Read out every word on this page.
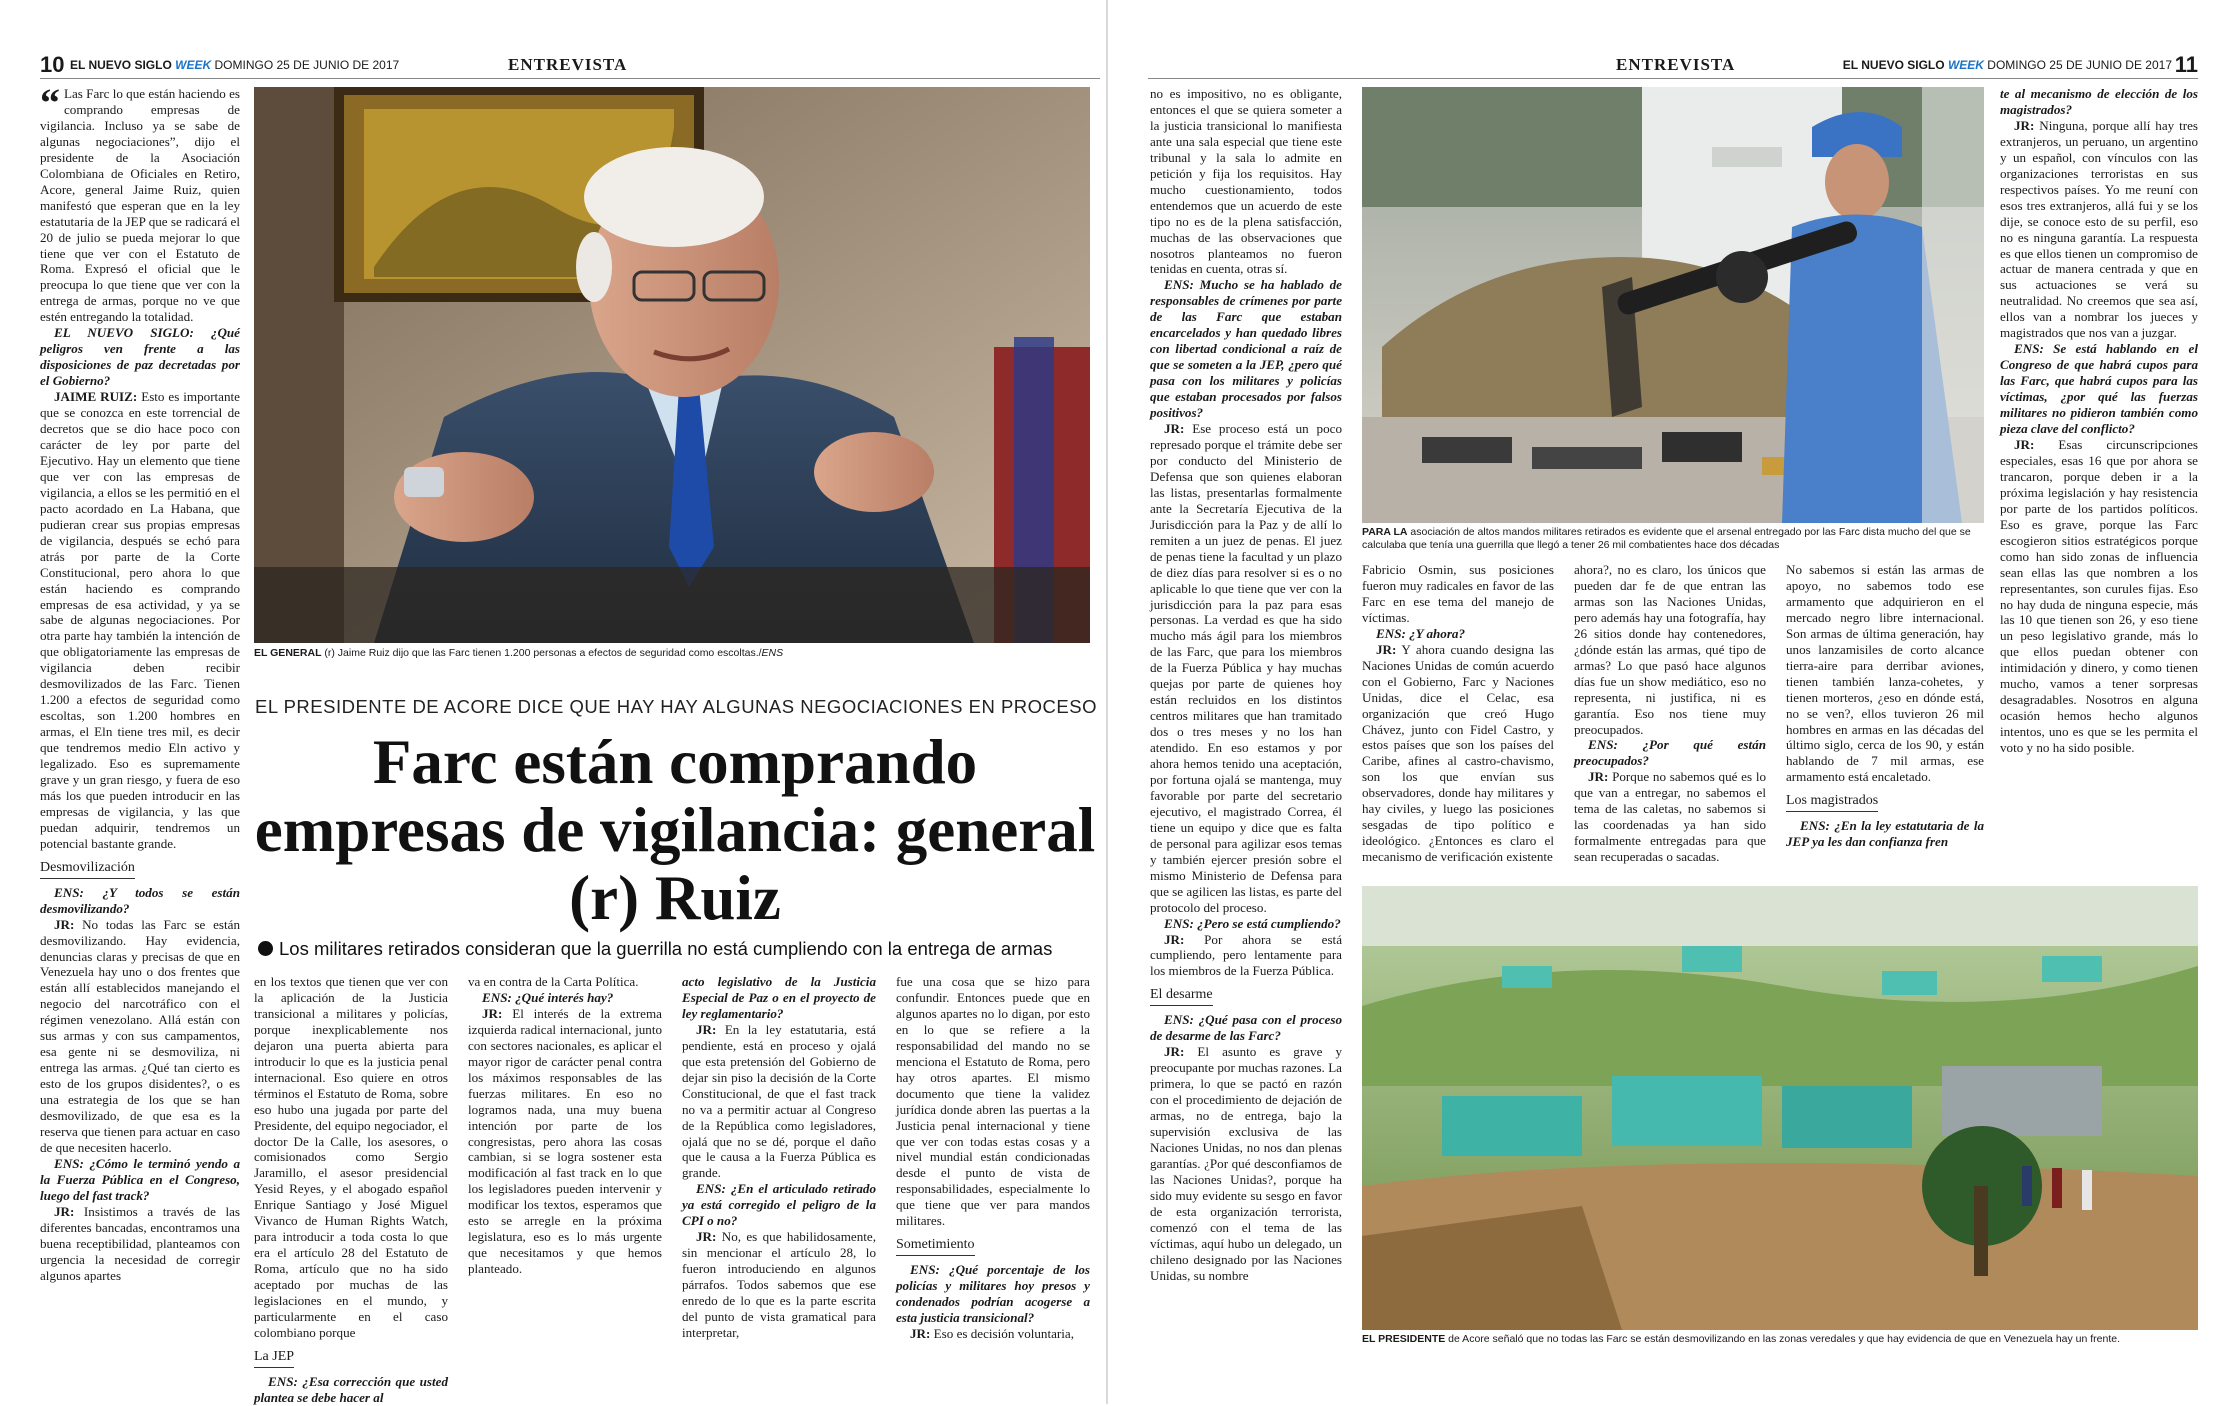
10 EL NUEVO SIGLO WEEK DOMINGO 25 DE JUNIO DE 2017	ENTREVISTA

“ Las Farc lo que están haciendo es comprando empresas de vigilancia. Incluso ya se sabe de algunas negociaciones”, dijo el presidente de la Asociación Colombiana de Oficiales en Retiro, Acore, general Jaime Ruiz, quien manifestó que esperan que en la ley estatutaria de la JEP que se radicará el 20 de julio se pueda mejorar lo que tiene que ver con el Estatuto de Roma. Expresó el oficial que le preocupa lo que tiene que ver con la entrega de armas, porque no ve que estén entregando la totalidad.

EL NUEVO SIGLO: ¿Qué peligros ven frente a las disposiciones de paz decretadas por el Gobierno?

JAIME RUIZ: Esto es importante que se conozca en este torrencial de decretos que se dio hace poco con carácter de ley por parte del Ejecutivo. Hay un elemento que tiene que ver con las empresas de vigilancia, a ellos se les permitió en el pacto acordado en La Habana, que pudieran crear sus propias empresas de vigilancia, después se echó para atrás por parte de la Corte Constitucional, pero ahora lo que están haciendo es comprando empresas de esa actividad, y ya se sabe de algunas negociaciones. Por otra parte hay también la intención de que obligatoriamente las empresas de vigilancia deben recibir desmovilizados de las Farc. Tienen 1.200 a efectos de seguridad como escoltas, son 1.200 hombres en armas, el Eln tiene tres mil, es decir que tendremos medio Eln activo y legalizado. Eso es supremamente grave y un gran riesgo, y fuera de eso más los que pueden introducir en las empresas de vigilancia, y las que puedan adquirir, tendremos un potencial bastante grande.

Desmovilización

ENS: ¿Y todos se están desmovilizando?

JR: No todas las Farc se están desmovilizando. Hay evidencia, denuncias claras y precisas de que en Venezuela hay uno o dos frentes que están allí establecidos manejando el negocio del narcotráfico con el régimen venezolano. Allá están con sus armas y con sus campamentos, esa gente ni se desmoviliza, ni entrega las armas. ¿Qué tan cierto es esto de los grupos disidentes?, o es una estrategia de los que se han desmovilizado, de que esa es la reserva que tienen para actuar en caso de que necesiten hacerlo.

ENS: ¿Cómo le terminó yendo a la Fuerza Pública en el Congreso, luego del fast track?

JR: Insistimos a través de las diferentes bancadas, encontramos una buena receptibilidad, planteamos con urgencia la necesidad de corregir algunos apartes

EL GENERAL (r) Jaime Ruiz dijo que las Farc tienen 1.200 personas a efectos de seguridad como escoltas./ENS
EL PRESIDENTE DE ACORE DICE QUE HAY HAY ALGUNAS NEGOCIACIONES EN PROCESO
Farc están comprando empresas de vigilancia: general (r) Ruiz
Los militares retirados consideran que la guerrilla no está cumpliendo con la entrega de armas

en los textos que tienen que ver con la aplicación de la Justicia transicional a militares y policías, porque inexplicablemente nos dejaron una puerta abierta para introducir lo que es la justicia penal internacional. Eso quiere en otros términos el Estatuto de Roma, sobre eso hubo una jugada por parte del Presidente, del equipo negociador, el doctor De la Calle, los asesores, o comisionados como Sergio Jaramillo, el asesor presidencial Yesid Reyes, y el abogado español Enrique Santiago y José Miguel Vivanco de Human Rights Watch, para introducir a toda costa lo que era el artículo 28 del Estatuto de Roma, artículo que no ha sido aceptado por muchas de las legislaciones en el mundo, y particularmente en el caso colombiano porque

La JEP

ENS: ¿Esa corrección que usted plantea se debe hacer al

va en contra de la Carta Política.

ENS: ¿Qué interés hay?

JR: El interés de la extrema izquierda radical internacional, junto con sectores nacionales, es aplicar el mayor rigor de carácter penal contra los máximos responsables de las fuerzas militares. En eso no logramos nada, una muy buena intención por parte de los congresistas, pero ahora las cosas cambian, si se logra sostener esta modificación al fast track en lo que los legisladores pueden intervenir y modificar los textos, esperamos que esto se arregle en la próxima legislatura, eso es lo más urgente que necesitamos y que hemos planteado.

acto legislativo de la Justicia Especial de Paz o en el proyecto de ley reglamentario?

JR: En la ley estatutaria, está pendiente, está en proceso y ojalá que esta pretensión del Gobierno de dejar sin piso la decisión de la Corte Constitucional, de que el fast track no va a permitir actuar al Congreso de la República como legisladores, ojalá que no se dé, porque el daño que le causa a la Fuerza Pública es grande.

ENS: ¿En el articulado retirado ya está corregido el peligro de la CPI o no?

JR: No, es que habilidosamente, sin mencionar el artículo 28, lo fueron introduciendo en algunos párrafos. Todos sabemos que ese enredo de lo que es la parte escrita del punto de vista gramatical para interpretar,

fue una cosa que se hizo para confundir. Entonces puede que en algunos apartes no lo digan, por esto en lo que se refiere a la responsabilidad del mando no se menciona el Estatuto de Roma, pero hay otros apartes. El mismo documento que tiene la validez jurídica donde abren las puertas a la Justicia penal internacional y tiene que ver con todas estas cosas y a nivel mundial están condicionadas desde el punto de vista de responsabilidades, especialmente lo que tiene que ver para mandos militares.

Sometimiento

ENS: ¿Qué porcentaje de los policías y militares hoy presos y condenados podrían acogerse a esta justicia transicional?

JR: Eso es decisión voluntaria,

ENTREVISTA	EL NUEVO SIGLO WEEK DOMINGO 25 DE JUNIO DE 2017 11

no es impositivo, no es obligante, entonces el que se quiera someter a la justicia transicional lo manifiesta ante una sala especial que tiene este tribunal y la sala lo admite en petición y fija los requisitos. Hay mucho cuestionamiento, todos entendemos que un acuerdo de este tipo no es de la plena satisfacción, muchas de las observaciones que nosotros planteamos no fueron tenidas en cuenta, otras sí.

ENS: Mucho se ha hablado de responsables de crímenes por parte de las Farc que estaban encarcelados y han quedado libres con libertad condicional a raíz de que se someten a la JEP, ¿pero qué pasa con los militares y policías que estaban procesados por falsos positivos?

JR: Ese proceso está un poco represado porque el trámite debe ser por conducto del Ministerio de Defensa que son quienes elaboran las listas, presentarlas formalmente ante la Secretaría Ejecutiva de la Jurisdicción para la Paz y de allí lo remiten a un juez de penas. El juez de penas tiene la facultad y un plazo de diez días para resolver si es o no aplicable lo que tiene que ver con la jurisdicción para la paz para esas personas. La verdad es que ha sido mucho más ágil para los miembros de las Farc, que para los miembros de la Fuerza Pública y hay muchas quejas por parte de quienes hoy están recluidos en los distintos centros militares que han tramitado dos o tres meses y no los han atendido. En eso estamos y por ahora hemos tenido una aceptación, por fortuna ojalá se mantenga, muy favorable por parte del secretario ejecutivo, el magistrado Correa, él tiene un equipo y dice que es falta de personal para agilizar esos temas y también ejercer presión sobre el mismo Ministerio de Defensa para que se agilicen las listas, es parte del protocolo del proceso.

ENS: ¿Pero se está cumpliendo?

JR: Por ahora se está cumpliendo, pero lentamente para los miembros de la Fuerza Pública.

El desarme

ENS: ¿Qué pasa con el proceso de desarme de las Farc?

JR: El asunto es grave y preocupante por muchas razones. La primera, lo que se pactó en razón con el procedimiento de dejación de armas, no de entrega, bajo la supervisión exclusiva de las Naciones Unidas, no nos dan plenas garantías. ¿Por qué desconfiamos de las Naciones Unidas?, porque ha sido muy evidente su sesgo en favor de esta organización terrorista, comenzó con el tema de las víctimas, aquí hubo un delegado, un chileno designado por las Naciones Unidas, su nombre

PARA LA asociación de altos mandos militares retirados es evidente que el arsenal entregado por las Farc dista mucho del que se calculaba que tenía una guerrilla que llegó a tener 26 mil combatientes hace dos décadas

Fabricio Osmin, sus posiciones fueron muy radicales en favor de las Farc en ese tema del manejo de víctimas.

ENS: ¿Y ahora?

JR: Y ahora cuando designa las Naciones Unidas de común acuerdo con el Gobierno, Farc y Naciones Unidas, dice el Celac, esa organización que creó Hugo Chávez, junto con Fidel Castro, y estos países que son los países del Caribe, afines al castro-chavismo, son los que envían sus observadores, donde hay militares y hay civiles, y luego las posiciones sesgadas de tipo político e ideológico. ¿Entonces es claro el mecanismo de verificación existente

ahora?, no es claro, los únicos que pueden dar fe de que entran las armas son las Naciones Unidas, pero además hay una fotografía, hay 26 sitios donde hay contenedores, ¿dónde están las armas, qué tipo de armas? Lo que pasó hace algunos días fue un show mediático, eso no representa, ni justifica, ni es garantía. Eso nos tiene muy preocupados.

ENS: ¿Por qué están preocupados?

JR: Porque no sabemos qué es lo que van a entregar, no sabemos el tema de las caletas, no sabemos si las coordenadas ya han sido formalmente entregadas para que sean recuperadas o sacadas.

No sabemos si están las armas de apoyo, no sabemos todo ese armamento que adquirieron en el mercado negro libre internacional. Son armas de última generación, hay unos lanzamisiles de corto alcance tierra-aire para derribar aviones, tienen también lanza-cohetes, y tienen morteros, ¿eso en dónde está, no se ven?, ellos tuvieron 26 mil hombres en armas en las décadas del último siglo, cerca de los 90, y están hablando de 7 mil armas, ese armamento está encaletado.

Los magistrados

ENS: ¿En la ley estatutaria de la JEP ya les dan confianza fren

te al mecanismo de elección de los magistrados?

JR: Ninguna, porque allí hay tres extranjeros, un peruano, un argentino y un español, con vínculos con las organizaciones terroristas en sus respectivos países. Yo me reuní con esos tres extranjeros, allá fui y se los dije, se conoce esto de su perfil, eso no es ninguna garantía. La respuesta es que ellos tienen un compromiso de actuar de manera centrada y que en sus actuaciones se verá su neutralidad. No creemos que sea así, ellos van a nombrar los jueces y magistrados que nos van a juzgar.

ENS: Se está hablando en el Congreso de que habrá cupos para las Farc, que habrá cupos para las víctimas, ¿por qué las fuerzas militares no pidieron también como pieza clave del conflicto?

JR: Esas circunscripciones especiales, esas 16 que por ahora se trancaron, porque deben ir a la próxima legislación y hay resistencia por parte de los partidos políticos. Eso es grave, porque las Farc escogieron sitios estratégicos porque como han sido zonas de influencia sean ellas las que nombren a los representantes, son curules fijas. Eso no hay duda de ninguna especie, más las 10 que tienen son 26, y eso tiene un peso legislativo grande, más lo que ellos puedan obtener con intimidación y dinero, y como tienen mucho, vamos a tener sorpresas desagradables. Nosotros en alguna ocasión hemos hecho algunos intentos, uno es que se les permita el voto y no ha sido posible.

EL PRESIDENTE de Acore señaló que no todas las Farc se están desmovilizando en las zonas veredales y que hay evidencia de que en Venezuela hay un frente.
